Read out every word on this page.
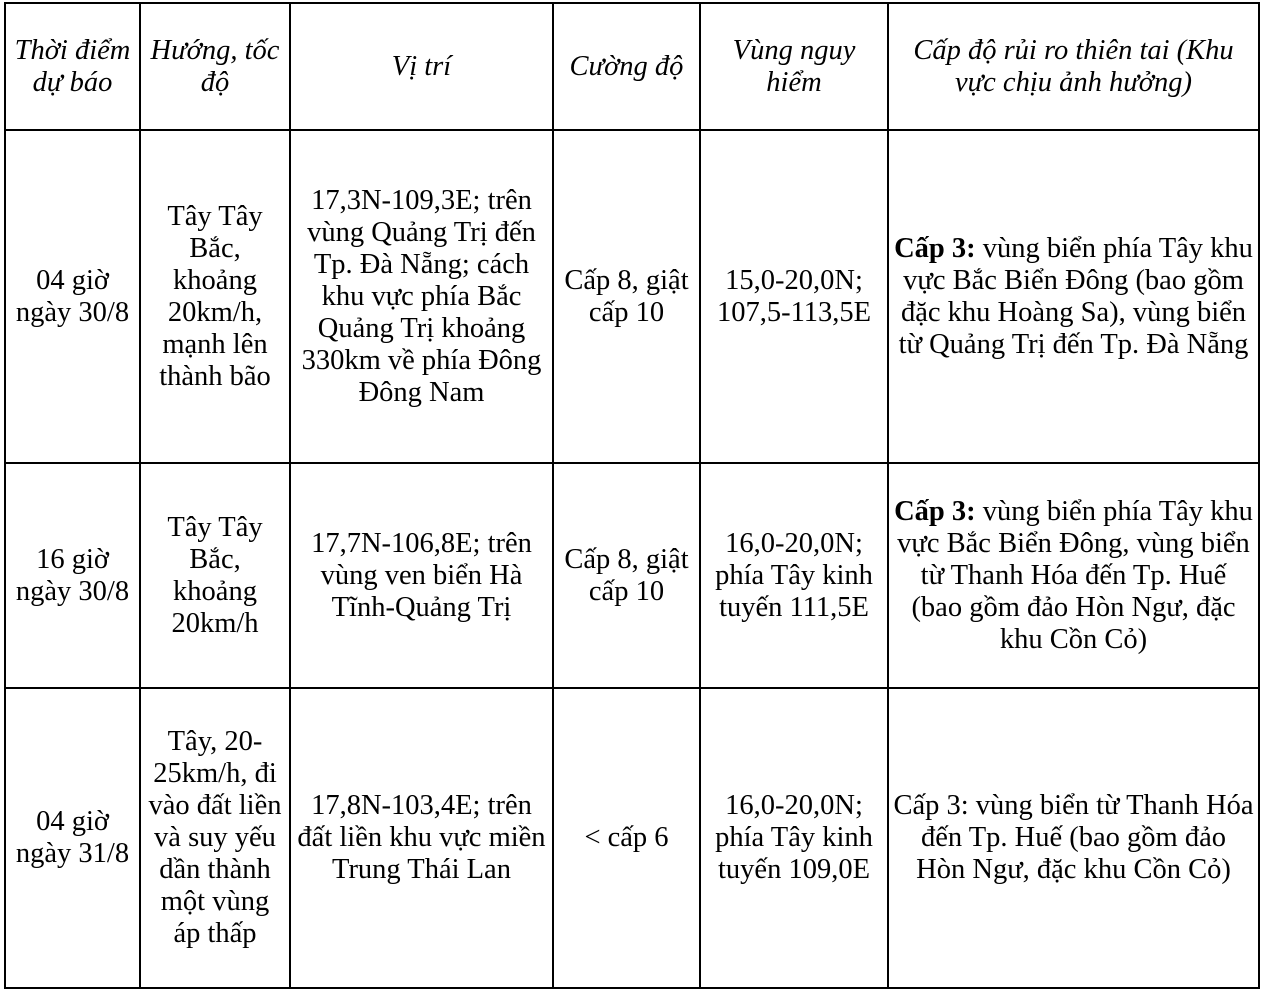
Thời điểm dự báo	Hướng, tốc độ	Vị trí	Cường độ	Vùng nguy hiểm	Cấp độ rủi ro thiên tai (Khu vực chịu ảnh hưởng)
04 giờ ngày 30/8	Tây Tây Bắc, khoảng 20km/h, mạnh lên thành bão	17,3N-109,3E; trên vùng Quảng Trị đến Tp. Đà Nẵng; cách khu vực phía Bắc Quảng Trị khoảng 330km về phía Đông Đông Nam	Cấp 8, giật cấp 10	15,0-20,0N; 107,5-113,5E	Cấp 3: vùng biển phía Tây khu vực Bắc Biển Đông (bao gồm đặc khu Hoàng Sa), vùng biển từ Quảng Trị đến Tp. Đà Nẵng
16 giờ ngày 30/8	Tây Tây Bắc, khoảng 20km/h	17,7N-106,8E; trên vùng ven biển Hà Tĩnh-Quảng Trị	Cấp 8, giật cấp 10	16,0-20,0N; phía Tây kinh tuyến 111,5E	Cấp 3: vùng biển phía Tây khu vực Bắc Biển Đông, vùng biển từ Thanh Hóa đến Tp. Huế (bao gồm đảo Hòn Ngư, đặc khu Cồn Cỏ)
04 giờ ngày 31/8	Tây, 20-25km/h, đi vào đất liền và suy yếu dần thành một vùng áp thấp	17,8N-103,4E; trên đất liền khu vực miền Trung Thái Lan	< cấp 6	16,0-20,0N; phía Tây kinh tuyến 109,0E	Cấp 3: vùng biển từ Thanh Hóa đến Tp. Huế (bao gồm đảo Hòn Ngư, đặc khu Cồn Cỏ)
